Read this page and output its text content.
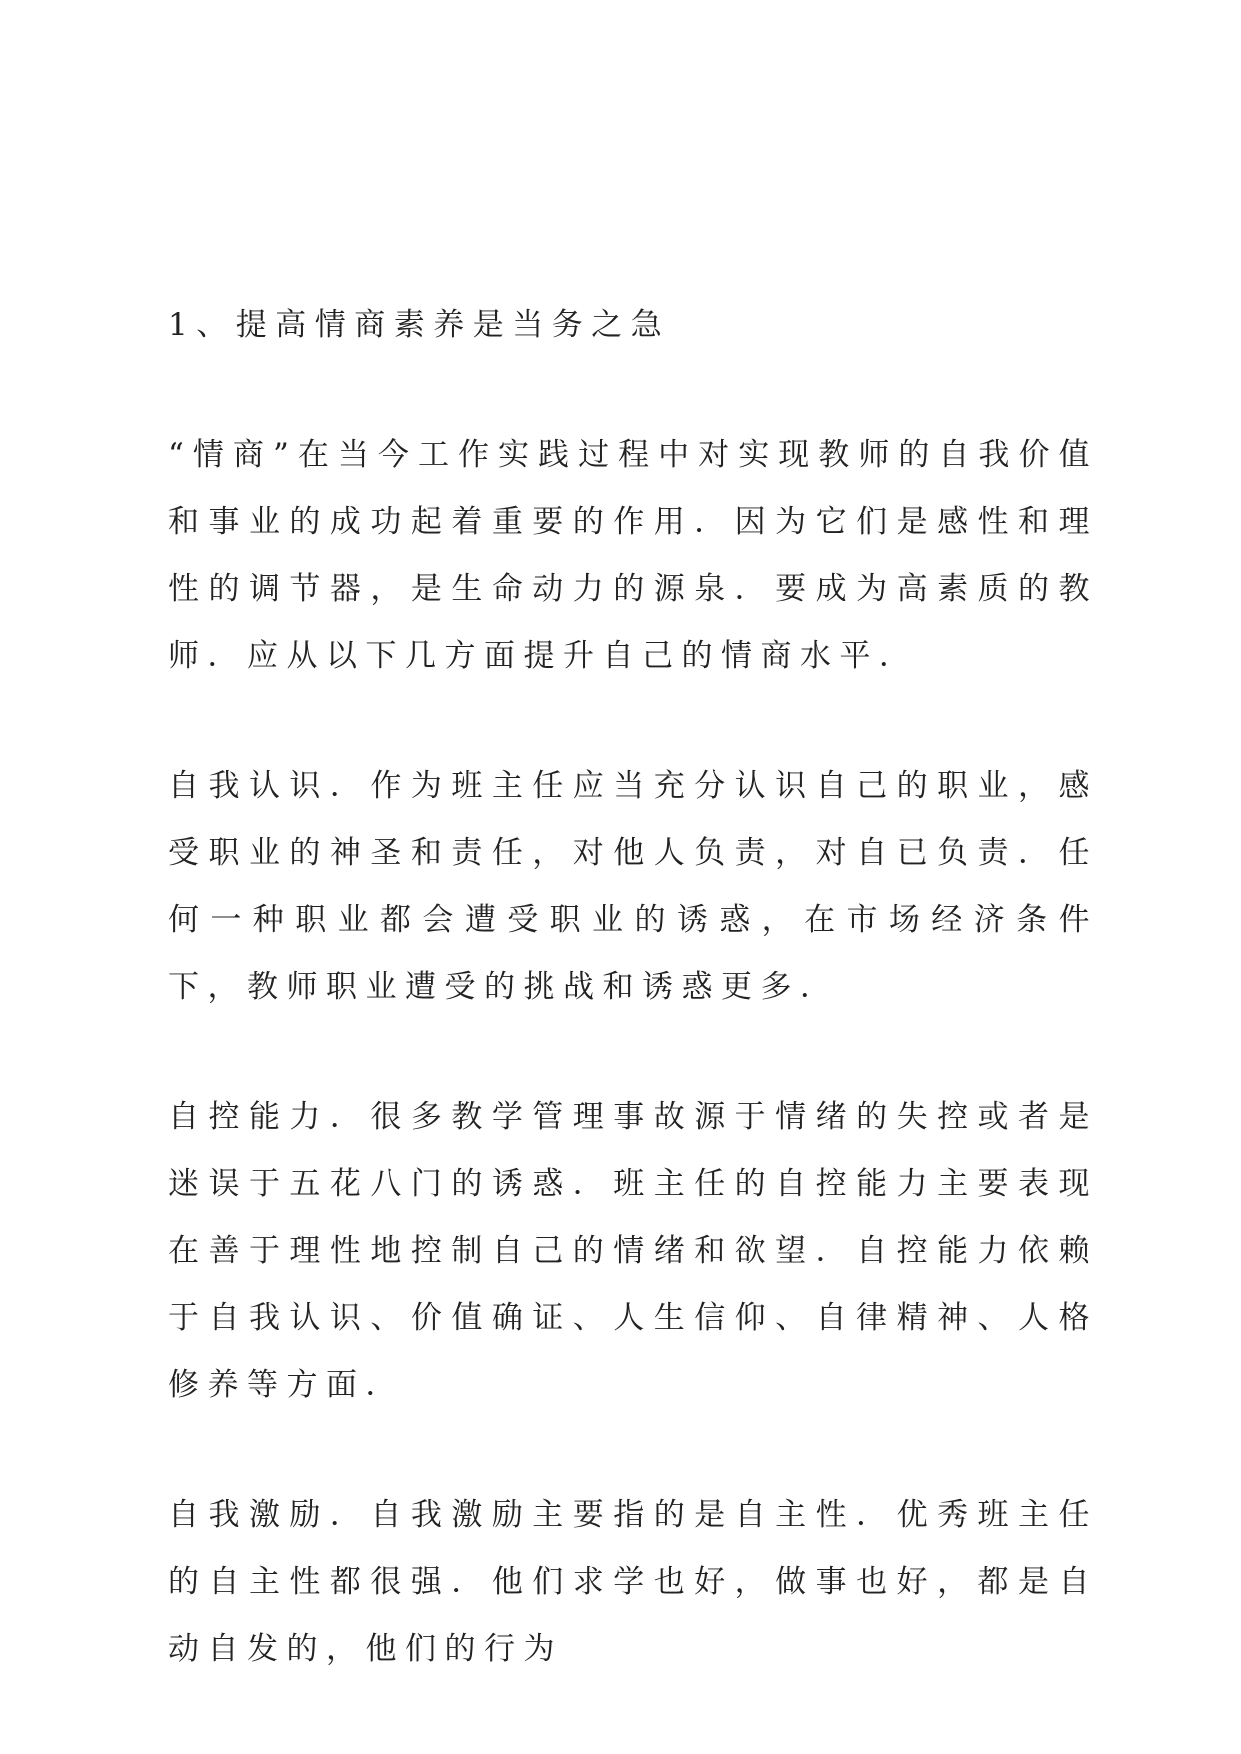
1、提高情商素养是当务之急

“情商”在当今工作实践过程中对实现教师的自我价值和事业的成功起着重要的作用．因为它们是感性和理性的调节器，是生命动力的源泉．要成为高素质的教师．应从以下几方面提升自己的情商水平．

自我认识．作为班主任应当充分认识自己的职业，感受职业的神圣和责任，对他人负责，对自已负责．任何一种职业都会遭受职业的诱惑，在市场经济条件下，教师职业遭受的挑战和诱惑更多．

自控能力．很多教学管理事故源于情绪的失控或者是迷误于五花八门的诱惑．班主任的自控能力主要表现在善于理性地控制自己的情绪和欲望．自控能力依赖于自我认识、价值确证、人生信仰、自律精神、人格修养等方面．

自我激励．自我激励主要指的是自主性．优秀班主任的自主性都很强．他们求学也好，做事也好，都是自动自发的，他们的行为
